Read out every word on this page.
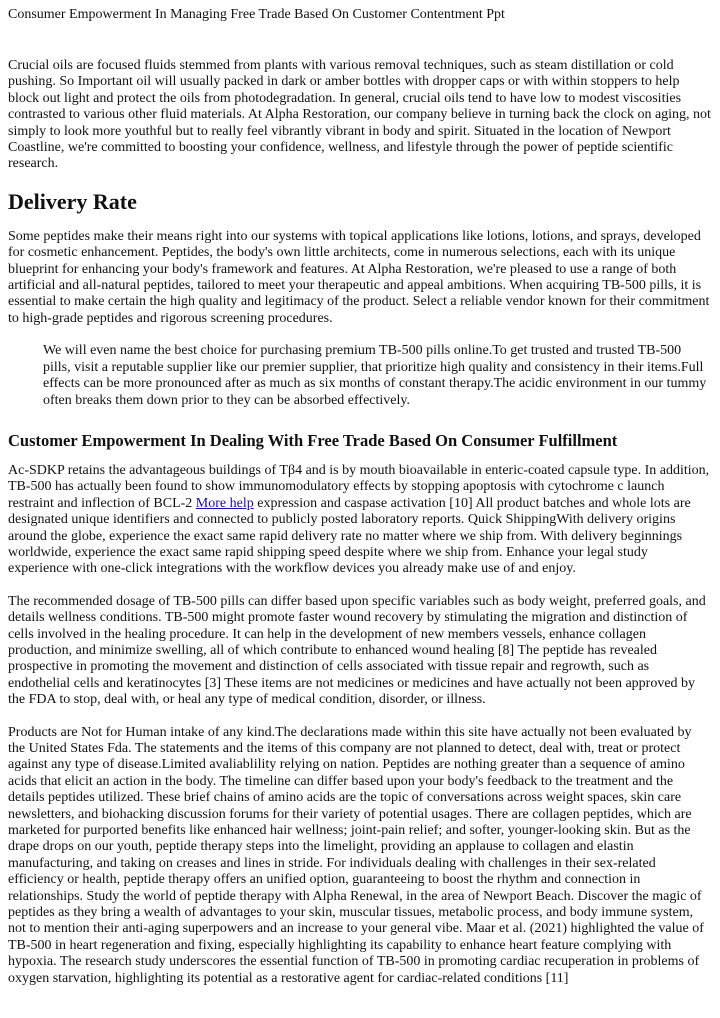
Consumer Empowerment In Managing Free Trade Based On Customer Contentment Ppt

Crucial oils are focused fluids stemmed from plants with various removal techniques, such as steam distillation or cold pushing. So Important oil will usually packed in dark or amber bottles with dropper caps or with within stoppers to help block out light and protect the oils from photodegradation. In general, crucial oils tend to have low to modest viscosities contrasted to various other fluid materials. At Alpha Restoration, our company believe in turning back the clock on aging, not simply to look more youthful but to really feel vibrantly vibrant in body and spirit. Situated in the location of Newport Coastline, we're committed to boosting your confidence, wellness, and lifestyle through the power of peptide scientific research.

Delivery Rate

Some peptides make their means right into our systems with topical applications like lotions, lotions, and sprays, developed for cosmetic enhancement. Peptides, the body's own little architects, come in numerous selections, each with its unique blueprint for enhancing your body's framework and features. At Alpha Restoration, we're pleased to use a range of both artificial and all-natural peptides, tailored to meet your therapeutic and appeal ambitions. When acquiring TB-500 pills, it is essential to make certain the high quality and legitimacy of the product. Select a reliable vendor known for their commitment to high-grade peptides and rigorous screening procedures.

We will even name the best choice for purchasing premium TB-500 pills online.To get trusted and trusted TB-500 pills, visit a reputable supplier like our premier supplier, that prioritize high quality and consistency in their items.Full effects can be more pronounced after as much as six months of constant therapy.The acidic environment in our tummy often breaks them down prior to they can be absorbed effectively.

Customer Empowerment In Dealing With Free Trade Based On Consumer Fulfillment

Ac-SDKP retains the advantageous buildings of Tβ4 and is by mouth bioavailable in enteric-coated capsule type. In addition, TB-500 has actually been found to show immunomodulatory effects by stopping apoptosis with cytochrome c launch restraint and inflection of BCL-2 More help expression and caspase activation [10] All product batches and whole lots are designated unique identifiers and connected to publicly posted laboratory reports. Quick ShippingWith delivery origins around the globe, experience the exact same rapid delivery rate no matter where we ship from. With delivery beginnings worldwide, experience the exact same rapid shipping speed despite where we ship from. Enhance your legal study experience with one-click integrations with the workflow devices you already make use of and enjoy.

The recommended dosage of TB-500 pills can differ based upon specific variables such as body weight, preferred goals, and details wellness conditions. TB-500 might promote faster wound recovery by stimulating the migration and distinction of cells involved in the healing procedure. It can help in the development of new members vessels, enhance collagen production, and minimize swelling, all of which contribute to enhanced wound healing [8] The peptide has revealed prospective in promoting the movement and distinction of cells associated with tissue repair and regrowth, such as endothelial cells and keratinocytes [3] These items are not medicines or medicines and have actually not been approved by the FDA to stop, deal with, or heal any type of medical condition, disorder, or illness.

Products are Not for Human intake of any kind.The declarations made within this site have actually not been evaluated by the United States Fda. The statements and the items of this company are not planned to detect, deal with, treat or protect against any type of disease.Limited avaliablility relying on nation. Peptides are nothing greater than a sequence of amino acids that elicit an action in the body. The timeline can differ based upon your body's feedback to the treatment and the details peptides utilized. These brief chains of amino acids are the topic of conversations across weight spaces, skin care newsletters, and biohacking discussion forums for their variety of potential usages. There are collagen peptides, which are marketed for purported benefits like enhanced hair wellness; joint-pain relief; and softer, younger-looking skin. But as the drape drops on our youth, peptide therapy steps into the limelight, providing an applause to collagen and elastin manufacturing, and taking on creases and lines in stride. For individuals dealing with challenges in their sex-related efficiency or health, peptide therapy offers an unified option, guaranteeing to boost the rhythm and connection in relationships. Study the world of peptide therapy with Alpha Renewal, in the area of Newport Beach. Discover the magic of peptides as they bring a wealth of advantages to your skin, muscular tissues, metabolic process, and body immune system, not to mention their anti-aging superpowers and an increase to your general vibe. Maar et al. (2021) highlighted the value of TB-500 in heart regeneration and fixing, especially highlighting its capability to enhance heart feature complying with hypoxia. The research study underscores the essential function of TB-500 in promoting cardiac recuperation in problems of oxygen starvation, highlighting its potential as a restorative agent for cardiac-related conditions [11]
